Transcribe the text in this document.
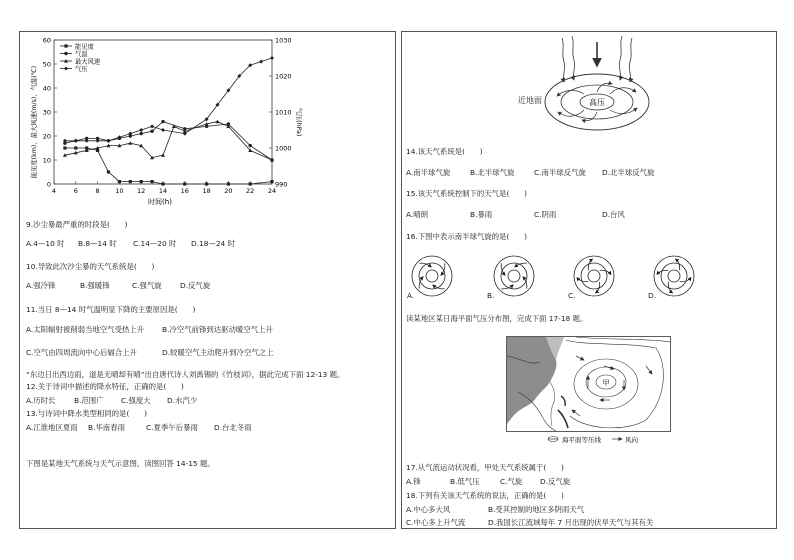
4	6	8 10 12 14 16 18 20 22 24
0
10
20
30
40
50
60
990
1000
1010
1020
1030
能见度
气温
最大风速
气压
时间(h)
能见度(km)、最大风速(m/s)、气温(℃)	气压(hPa)
9.沙尘暴最严重的时段是(　　)
A.4—10 时	B.8—14 时	C.14—20 时	D.18—24 时
10.导致此次沙尘暴的天气系统是(　　)
A.强冷锋	B.强暖锋	C.强气旋	D.反气旋
11.当日 8—14 时气温明显下降的主要原因是(　　)
A.太阳辐射被削弱当地空气受热上升	B.冷空气前锋到达驱动暖空气上升
C.空气由四周流向中心后辐合上升	D.较暖空气主动爬升到冷空气之上
“东边日出西边雨，道是无晴却有晴”出自唐代诗人刘禹锡的《竹枝词》，据此完成下面 12-13 题。
12.关于诗词中描述的降水特征，正确的是(　　)
A.历时长	B.范围广	C.强度大	D.水汽少
13.与诗词中降水类型相同的是(　　)
A.江淮地区夏雨	B.华南春雨	C.夏季午后暴雨	D.台北冬雨
下图是某地天气系统与天气示意图，读图回答 14-15 题。
高压
近地面
14.该天气系统是(　　)
A.南半球气旋	B.北半球气旋	C.南半球反气旋	D.北半球反气旋
15.该天气系统控制下的天气是(　　)
A.晴朗	B.暴雨	C.阴雨	D.台风
16.下图中表示南半球气旋的是(　　)
A.	B.	C.	D.
读某地区某日海平面气压分布图，完成下面 17-18 题。
甲
海平面等压线	风向
17.从气流运动状况看，甲处天气系统属于(　　)
A.锋	B.低气压	C.气旋	D.反气旋
18.下列有关该天气系统的说法，正确的是(　　)
A.中心多大风	B.受其控制的地区多阴雨天气
C.中心多上升气流	D.我国长江流域每年 7 月出现的伏旱天气与其有关
